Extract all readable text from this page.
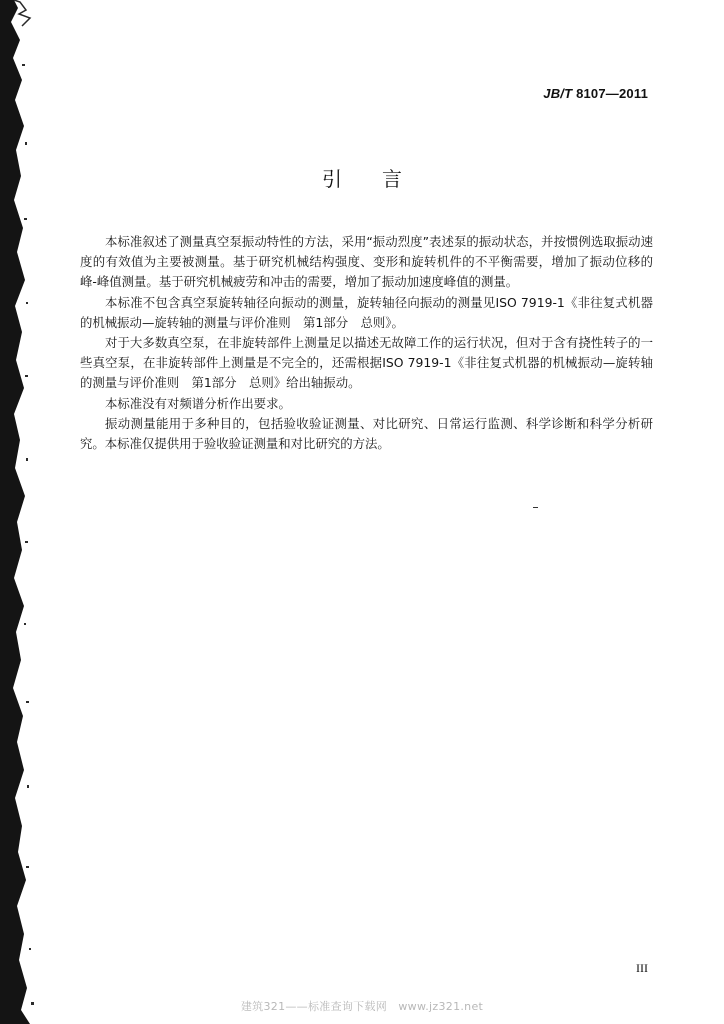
JB/T 8107—2011
引言

本标准叙述了测量真空泵振动特性的方法，采用“振动烈度”表述泵的振动状态，并按惯例选取振动速度的有效值为主要被测量。基于研究机械结构强度、变形和旋转机件的不平衡需要，增加了振动位移的峰-峰值测量。基于研究机械疲劳和冲击的需要，增加了振动加速度峰值的测量。

本标准不包含真空泵旋转轴径向振动的测量，旋转轴径向振动的测量见ISO 7919-1《非往复式机器的机械振动—旋转轴的测量与评价准则　第1部分　总则》。

对于大多数真空泵，在非旋转部件上测量足以描述无故障工作的运行状况，但对于含有挠性转子的一些真空泵，在非旋转部件上测量是不完全的，还需根据ISO 7919-1《非往复式机器的机械振动—旋转轴的测量与评价准则　第1部分　总则》给出轴振动。

本标准没有对频谱分析作出要求。

振动测量能用于多种目的，包括验收验证测量、对比研究、日常运行监测、科学诊断和科学分析研究。本标准仅提供用于验收验证测量和对比研究的方法。

III
建筑321——标准查询下载网　www.jz321.net
